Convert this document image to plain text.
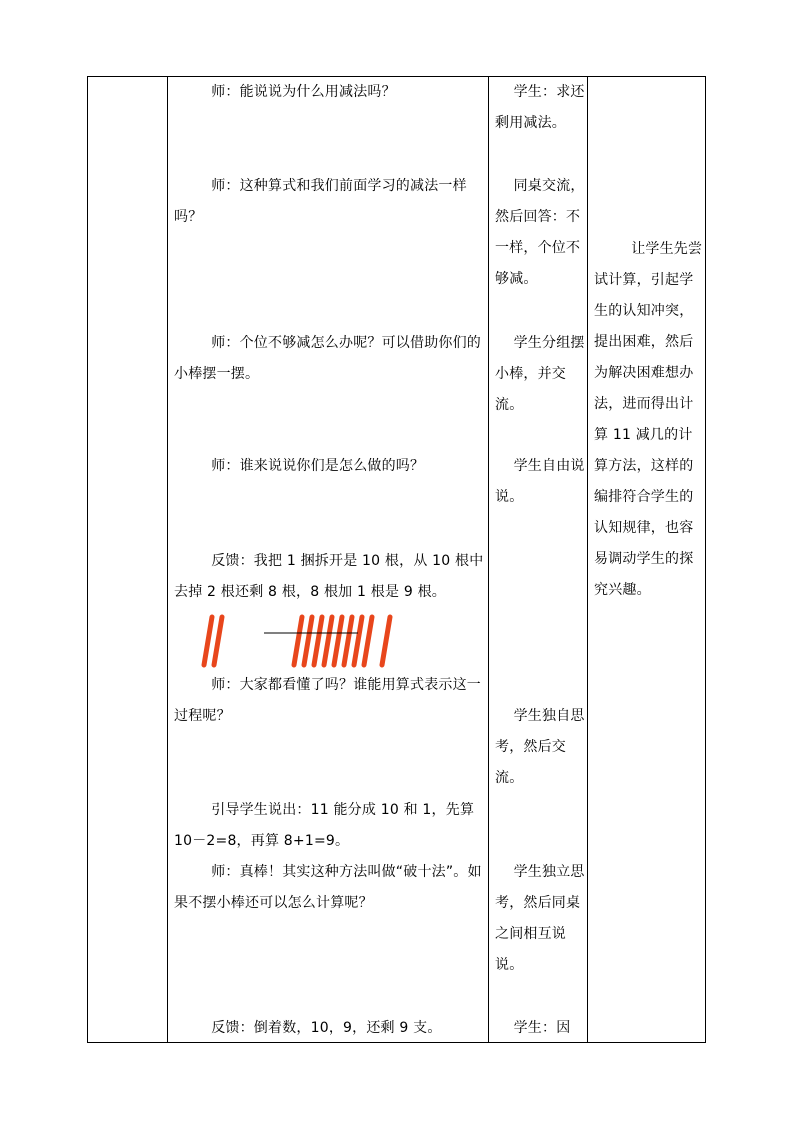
师：能说说为什么用减法吗？
师：这种算式和我们前面学习的减法一样吗？
师：个位不够减怎么办呢？可以借助你们的小棒摆一摆。
师：谁来说说你们是怎么做的吗？
反馈：我把 1 捆拆开是 10 根，从 10 根中去掉 2 根还剩 8 根，8 根加 1 根是 9 根。
师：大家都看懂了吗？谁能用算式表示这一过程呢？
引导学生说出：11 能分成 10 和 1，先算 10－2=8，再算 8+1=9。
师：真棒！其实这种方法叫做“破十法”。如果不摆小棒还可以怎么计算呢？
反馈：倒着数，10，9，还剩 9 支。
学生：求还剩用减法。
同桌交流，然后回答：不一样，个位不够减。
学生分组摆小棒，并交流。
学生自由说说。
学生独自思考，然后交流。
学生独立思考，然后同桌之间相互说说。
学生：因
让学生先尝试计算，引起学生的认知冲突，提出困难，然后为解决困难想办法，进而得出计算 11 减几的计算方法，这样的编排符合学生的认知规律，也容易调动学生的探究兴趣。
